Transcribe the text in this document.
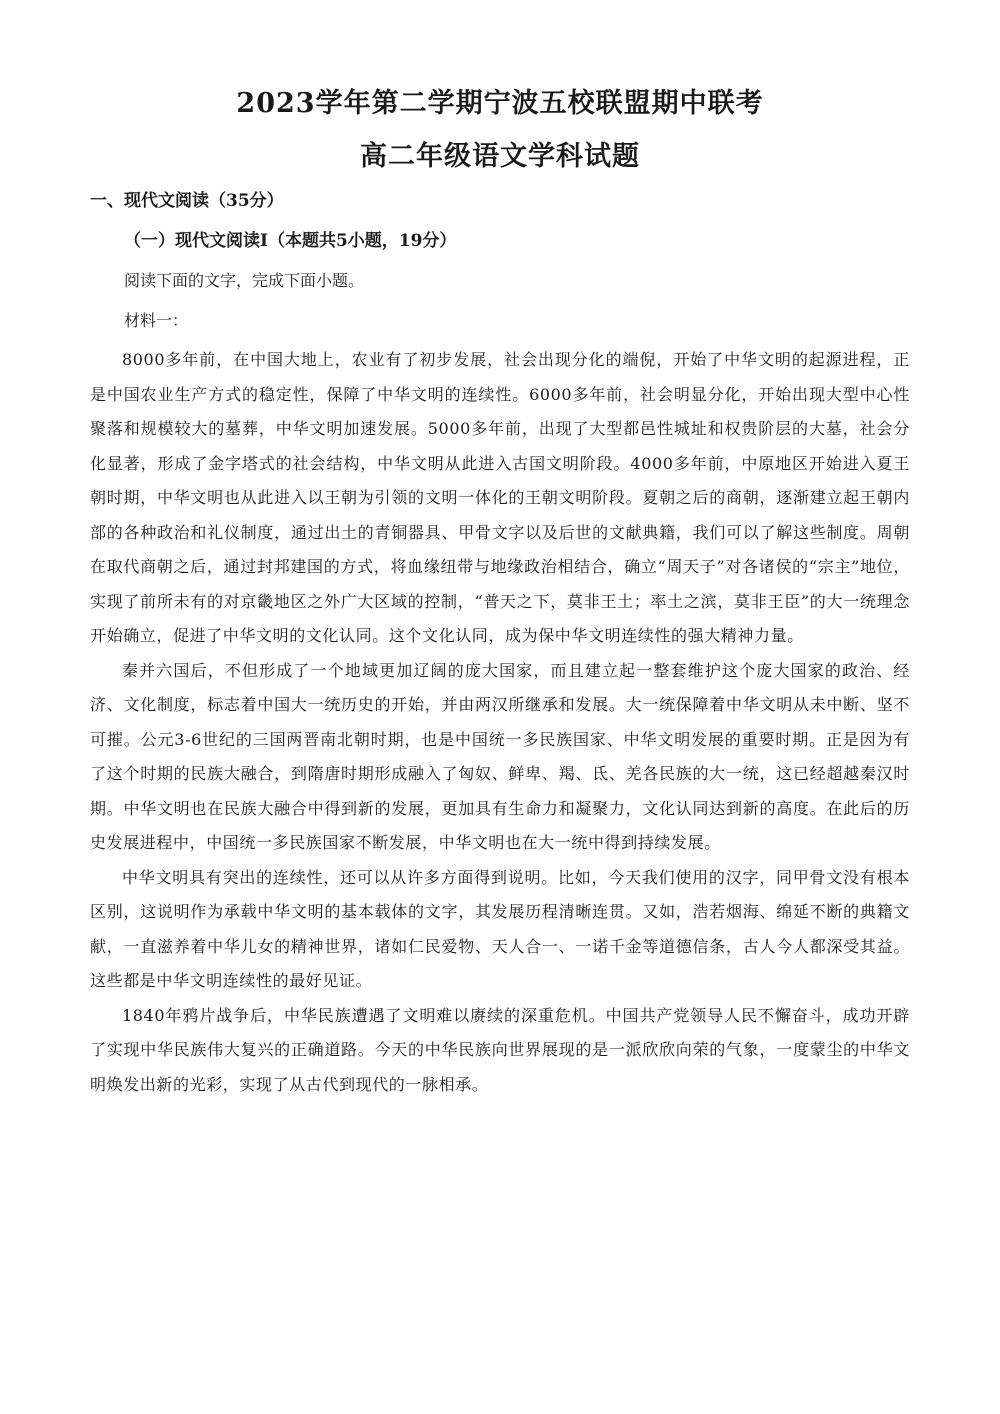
2023学年第二学期宁波五校联盟期中联考
高二年级语文学科试题
一、现代文阅读（35分）
（一）现代文阅读Ⅰ（本题共5小题，19分）
阅读下面的文字，完成下面小题。
材料一：

8000多年前，在中国大地上，农业有了初步发展，社会出现分化的端倪，开始了中华文明的起源进程，正是中国农业生产方式的稳定性，保障了中华文明的连续性。6000多年前，社会明显分化，开始出现大型中心性聚落和规模较大的墓葬，中华文明加速发展。5000多年前，出现了大型都邑性城址和权贵阶层的大墓，社会分化显著，形成了金字塔式的社会结构，中华文明从此进入古国文明阶段。4000多年前，中原地区开始进入夏王朝时期，中华文明也从此进入以王朝为引领的文明一体化的王朝文明阶段。夏朝之后的商朝，逐渐建立起王朝内部的各种政治和礼仪制度，通过出土的青铜器具、甲骨文字以及后世的文献典籍，我们可以了解这些制度。周朝在取代商朝之后，通过封邦建国的方式，将血缘纽带与地缘政治相结合，确立“周天子”对各诸侯的“宗主”地位，实现了前所未有的对京畿地区之外广大区域的控制，“普天之下，莫非王土；率土之滨，莫非王臣”的大一统理念开始确立，促进了中华文明的文化认同。这个文化认同，成为保中华文明连续性的强大精神力量。

秦并六国后，不但形成了一个地域更加辽阔的庞大国家，而且建立起一整套维护这个庞大国家的政治、经济、文化制度，标志着中国大一统历史的开始，并由两汉所继承和发展。大一统保障着中华文明从未中断、坚不可摧。公元3-6世纪的三国两晋南北朝时期，也是中国统一多民族国家、中华文明发展的重要时期。正是因为有了这个时期的民族大融合，到隋唐时期形成融入了匈奴、鲜卑、羯、氐、羌各民族的大一统，这已经超越秦汉时期。中华文明也在民族大融合中得到新的发展，更加具有生命力和凝聚力，文化认同达到新的高度。在此后的历史发展进程中，中国统一多民族国家不断发展，中华文明也在大一统中得到持续发展。

中华文明具有突出的连续性，还可以从许多方面得到说明。比如，今天我们使用的汉字，同甲骨文没有根本区别，这说明作为承载中华文明的基本载体的文字，其发展历程清晰连贯。又如，浩若烟海、绵延不断的典籍文献，一直滋养着中华儿女的精神世界，诸如仁民爱物、天人合一、一诺千金等道德信条，古人今人都深受其益。这些都是中华文明连续性的最好见证。

1840年鸦片战争后，中华民族遭遇了文明难以赓续的深重危机。中国共产党领导人民不懈奋斗，成功开辟了实现中华民族伟大复兴的正确道路。今天的中华民族向世界展现的是一派欣欣向荣的气象，一度蒙尘的中华文明焕发出新的光彩，实现了从古代到现代的一脉相承。
